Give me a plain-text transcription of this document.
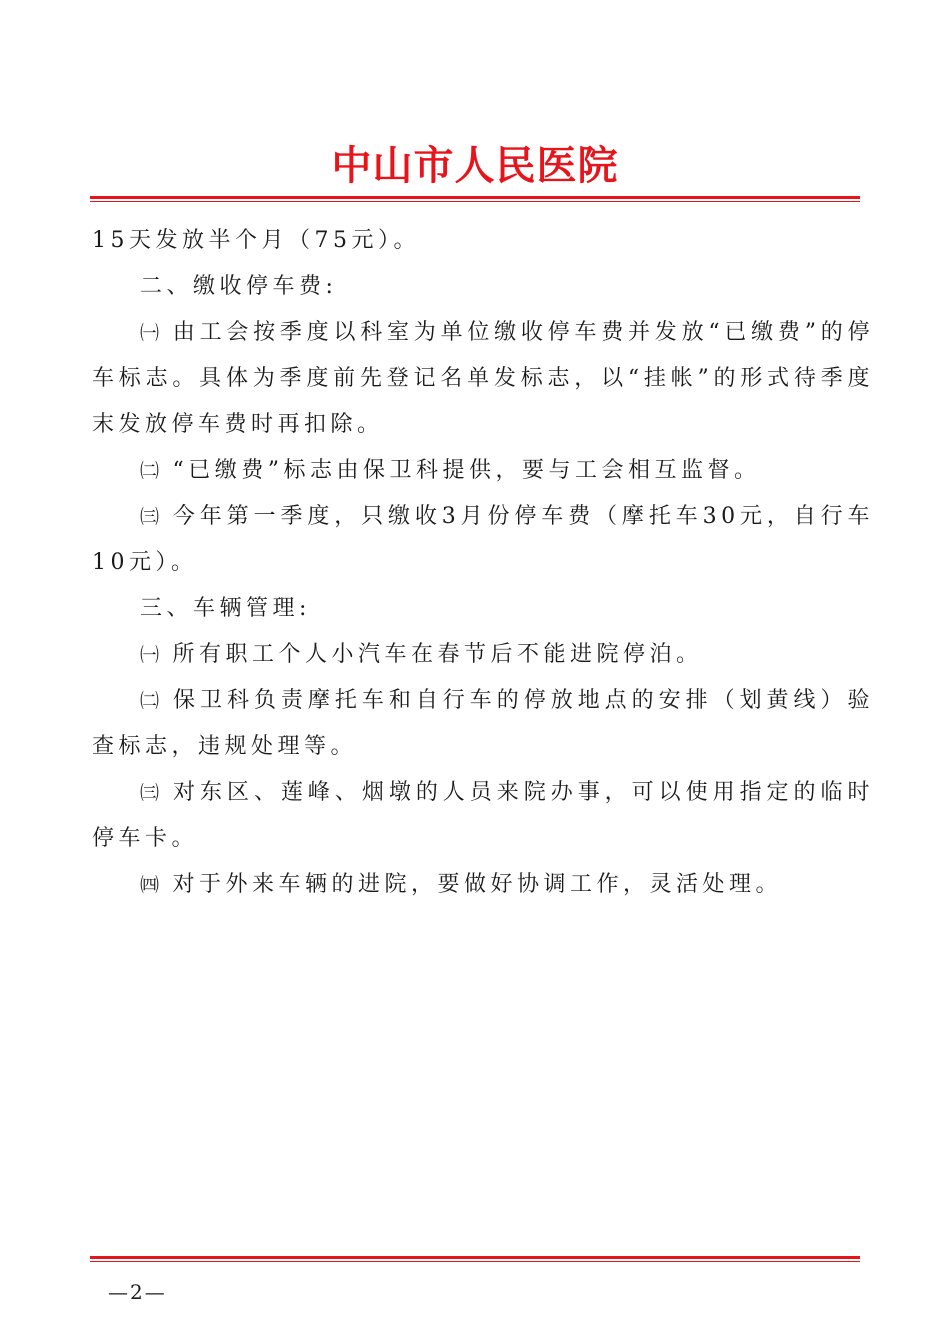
中山市人民医院

15天发放半个月（75元）。

二、缴收停车费:

㈠ 由工会按季度以科室为单位缴收停车费并发放“已缴费”的停车标志。具体为季度前先登记名单发标志，以“挂帐”的形式待季度末发放停车费时再扣除。

㈡ “已缴费”标志由保卫科提供，要与工会相互监督。

㈢ 今年第一季度，只缴收3月份停车费（摩托车30元，自行车10元）。

三、车辆管理:

㈠ 所有职工个人小汽车在春节后不能进院停泊。

㈡ 保卫科负责摩托车和自行车的停放地点的安排（划黄线）验查标志，违规处理等。

㈢ 对东区、莲峰、烟墩的人员来院办事，可以使用指定的临时停车卡。

㈣ 对于外来车辆的进院，要做好协调工作，灵活处理。

—2—
